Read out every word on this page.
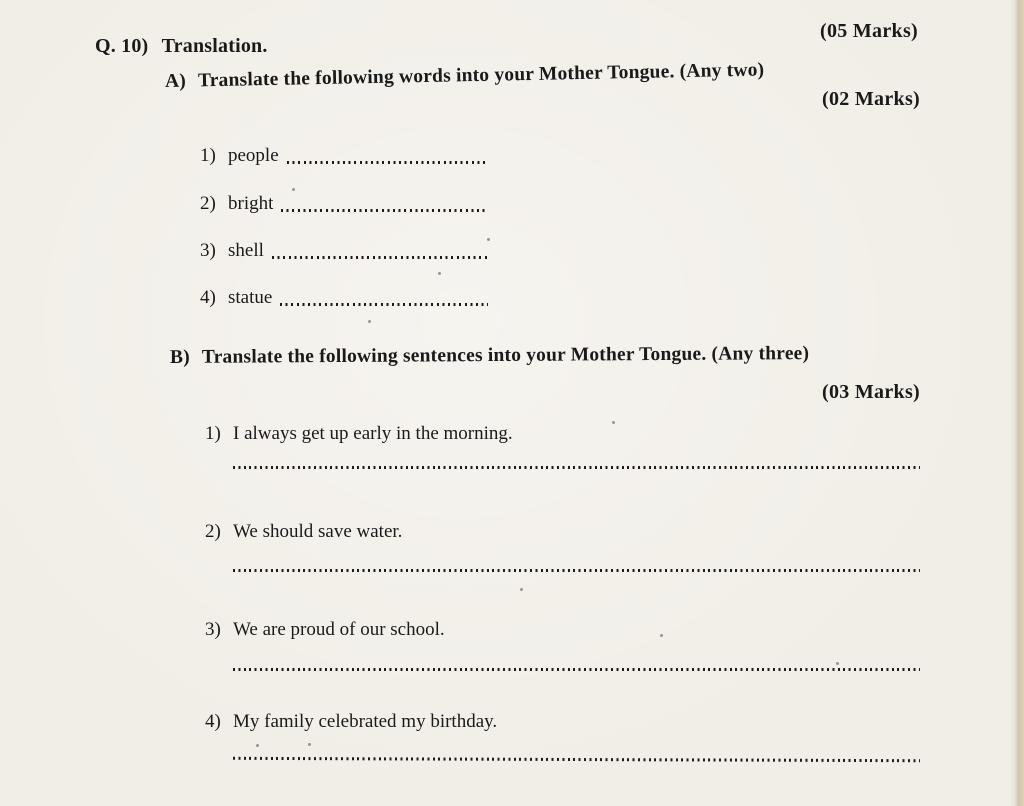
(05 Marks)
Q. 10) Translation.
A) Translate the following words into your Mother Tongue. (Any two)
(02 Marks)
1) people
2) bright
3) shell
4) statue
B) Translate the following sentences into your Mother Tongue. (Any three)
(03 Marks)
1) I always get up early in the morning.
2) We should save water.
3) We are proud of our school.
4) My family celebrated my birthday.
